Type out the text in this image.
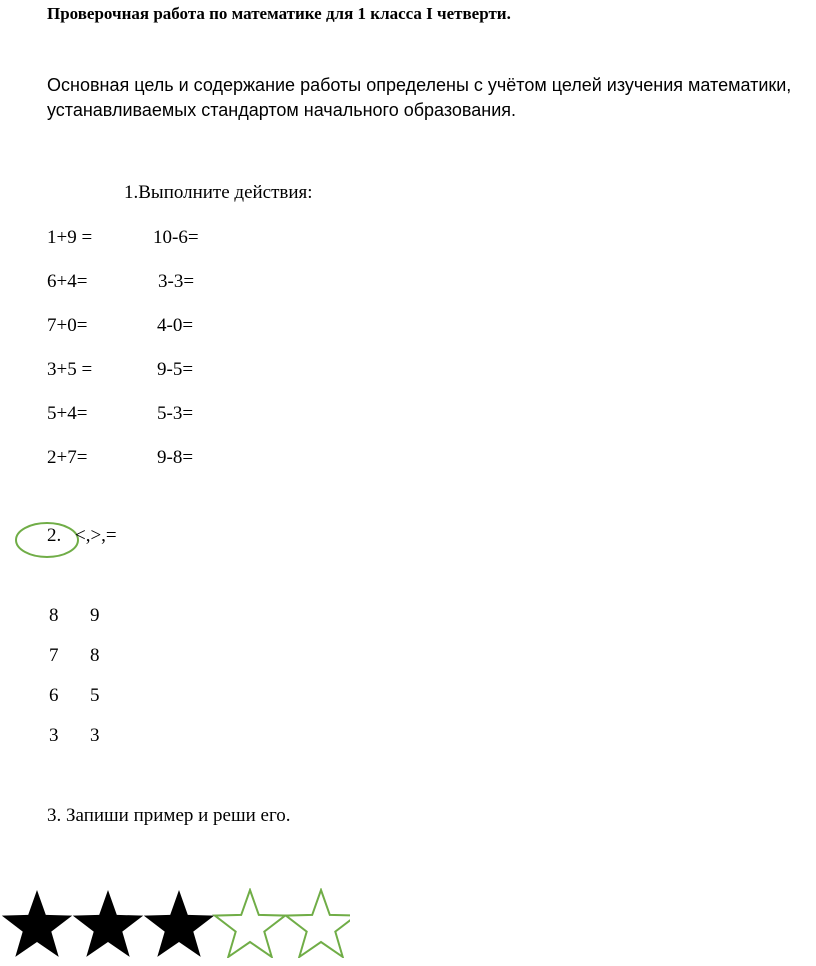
Проверочная работа по математике для 1 класса I четверти.
Основная цель и содержание работы определены с учётом целей изучения математики,
устанавливаемых стандартом начального образования.
1.Выполните действия:
1+9 =	10-6=
6+4=	3-3=
7+0=	4-0=
3+5 =	9-5=
5+4=	5-3=
2+7=	9-8=
2. <,>,=
8 9
7 8
6 5
3 3
3. Запиши пример и реши его.
